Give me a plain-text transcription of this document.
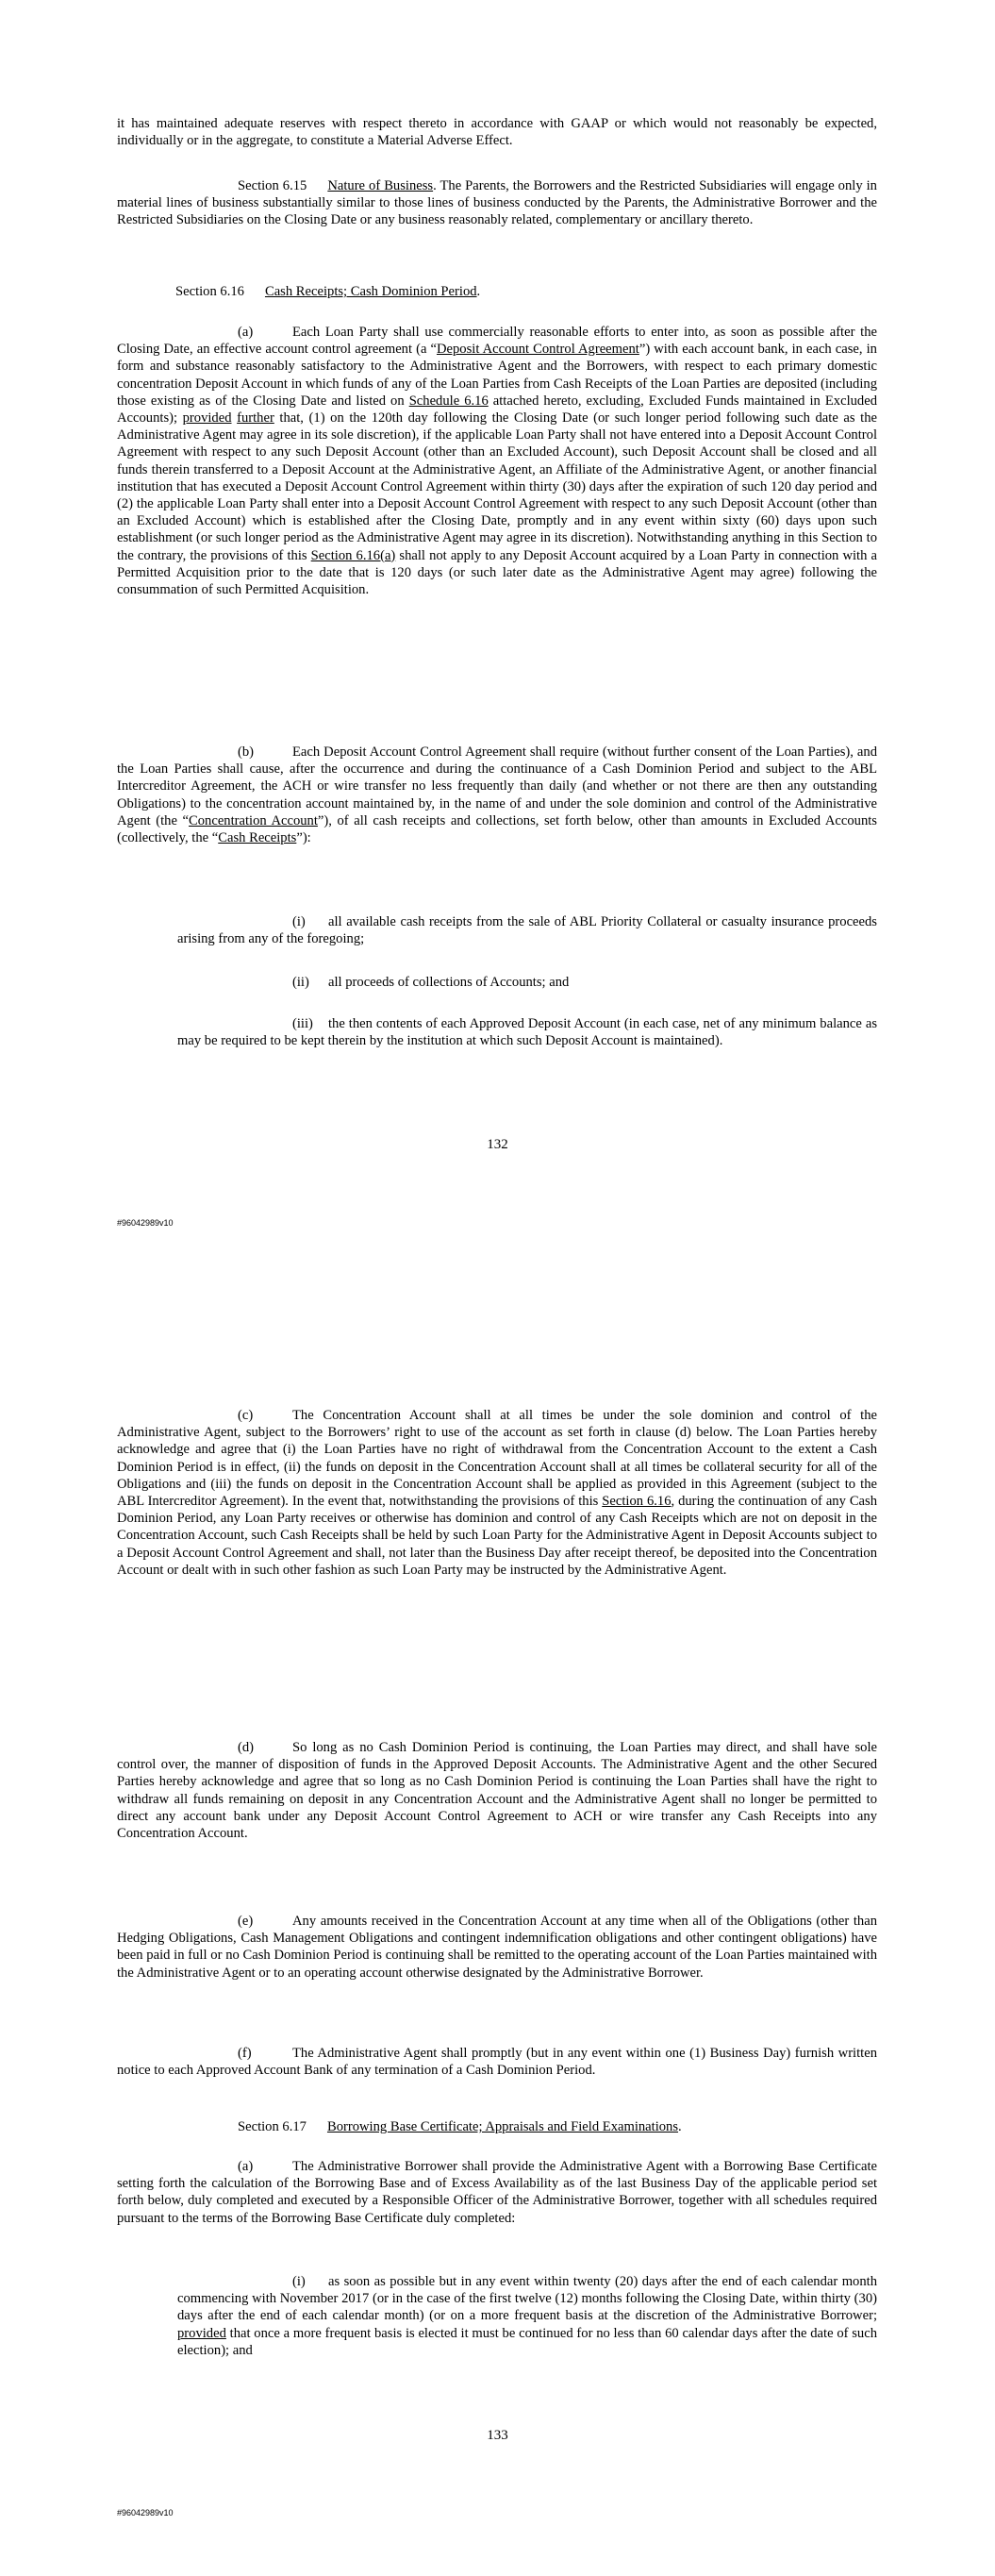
it has maintained adequate reserves with respect thereto in accordance with GAAP or which would not reasonably be expected, individually or in the aggregate, to constitute a Material Adverse Effect.

Section 6.15 Nature of Business. The Parents, the Borrowers and the Restricted Subsidiaries will engage only in material lines of business substantially similar to those lines of business conducted by the Parents, the Administrative Borrower and the Restricted Subsidiaries on the Closing Date or any business reasonably related, complementary or ancillary thereto.

Section 6.16 Cash Receipts; Cash Dominion Period.

(a)	Each Loan Party shall use commercially reasonable efforts to enter into, as soon as possible after the Closing Date, an effective account control agreement (a “Deposit Account Control Agreement”) with each account bank, in each case, in form and substance reasonably satisfactory to the Administrative Agent and the Borrowers, with respect to each primary domestic concentration Deposit Account in which funds of any of the Loan Parties from Cash Receipts of the Loan Parties are deposited (including those existing as of the Closing Date and listed on Schedule 6.16 attached hereto, excluding, Excluded Funds maintained in Excluded Accounts); provided further that, (1) on the 120th day following the Closing Date (or such longer period following such date as the Administrative Agent may agree in its sole discretion), if the applicable Loan Party shall not have entered into a Deposit Account Control Agreement with respect to any such Deposit Account (other than an Excluded Account), such Deposit Account shall be closed and all funds therein transferred to a Deposit Account at the Administrative Agent, an Affiliate of the Administrative Agent, or another financial institution that has executed a Deposit Account Control Agreement within thirty (30) days after the expiration of such 120 day period and (2) the applicable Loan Party shall enter into a Deposit Account Control Agreement with respect to any such Deposit Account (other than an Excluded Account) which is established after the Closing Date, promptly and in any event within sixty (60) days upon such establishment (or such longer period as the Administrative Agent may agree in its discretion). Notwithstanding anything in this Section to the contrary, the provisions of this Section 6.16(a) shall not apply to any Deposit Account acquired by a Loan Party in connection with a Permitted Acquisition prior to the date that is 120 days (or such later date as the Administrative Agent may agree) following the consummation of such Permitted Acquisition.

(b)	Each Deposit Account Control Agreement shall require (without further consent of the Loan Parties), and the Loan Parties shall cause, after the occurrence and during the continuance of a Cash Dominion Period and subject to the ABL Intercreditor Agreement, the ACH or wire transfer no less frequently than daily (and whether or not there are then any outstanding Obligations) to the concentration account maintained by, in the name of and under the sole dominion and control of the Administrative Agent (the “Concentration Account”), of all cash receipts and collections, set forth below, other than amounts in Excluded Accounts (collectively, the “Cash Receipts”):

(i) all available cash receipts from the sale of ABL Priority Collateral or casualty insurance proceeds arising from any of the foregoing;

(ii) all proceeds of collections of Accounts; and

(iii) the then contents of each Approved Deposit Account (in each case, net of any minimum balance as may be required to be kept therein by the institution at which such Deposit Account is maintained).

132

#96042989v10

(c)	The Concentration Account shall at all times be under the sole dominion and control of the Administrative Agent, subject to the Borrowers’ right to use of the account as set forth in clause (d) below. The Loan Parties hereby acknowledge and agree that (i) the Loan Parties have no right of withdrawal from the Concentration Account to the extent a Cash Dominion Period is in effect, (ii) the funds on deposit in the Concentration Account shall at all times be collateral security for all of the Obligations and (iii) the funds on deposit in the Concentration Account shall be applied as provided in this Agreement (subject to the ABL Intercreditor Agreement). In the event that, notwithstanding the provisions of this Section 6.16, during the continuation of any Cash Dominion Period, any Loan Party receives or otherwise has dominion and control of any Cash Receipts which are not on deposit in the Concentration Account, such Cash Receipts shall be held by such Loan Party for the Administrative Agent in Deposit Accounts subject to a Deposit Account Control Agreement and shall, not later than the Business Day after receipt thereof, be deposited into the Concentration Account or dealt with in such other fashion as such Loan Party may be instructed by the Administrative Agent.

(d)	So long as no Cash Dominion Period is continuing, the Loan Parties may direct, and shall have sole control over, the manner of disposition of funds in the Approved Deposit Accounts. The Administrative Agent and the other Secured Parties hereby acknowledge and agree that so long as no Cash Dominion Period is continuing the Loan Parties shall have the right to withdraw all funds remaining on deposit in any Concentration Account and the Administrative Agent shall no longer be permitted to direct any account bank under any Deposit Account Control Agreement to ACH or wire transfer any Cash Receipts into any Concentration Account.

(e)	Any amounts received in the Concentration Account at any time when all of the Obligations (other than Hedging Obligations, Cash Management Obligations and contingent indemnification obligations and other contingent obligations) have been paid in full or no Cash Dominion Period is continuing shall be remitted to the operating account of the Loan Parties maintained with the Administrative Agent or to an operating account otherwise designated by the Administrative Borrower.

(f)	The Administrative Agent shall promptly (but in any event within one (1) Business Day) furnish written notice to each Approved Account Bank of any termination of a Cash Dominion Period.

Section 6.17 Borrowing Base Certificate; Appraisals and Field Examinations.

(a)	The Administrative Borrower shall provide the Administrative Agent with a Borrowing Base Certificate setting forth the calculation of the Borrowing Base and of Excess Availability as of the last Business Day of the applicable period set forth below, duly completed and executed by a Responsible Officer of the Administrative Borrower, together with all schedules required pursuant to the terms of the Borrowing Base Certificate duly completed:

(i) as soon as possible but in any event within twenty (20) days after the end of each calendar month commencing with November 2017 (or in the case of the first twelve (12) months following the Closing Date, within thirty (30) days after the end of each calendar month) (or on a more frequent basis at the discretion of the Administrative Borrower; provided that once a more frequent basis is elected it must be continued for no less than 60 calendar days after the date of such election); and

133

#96042989v10
